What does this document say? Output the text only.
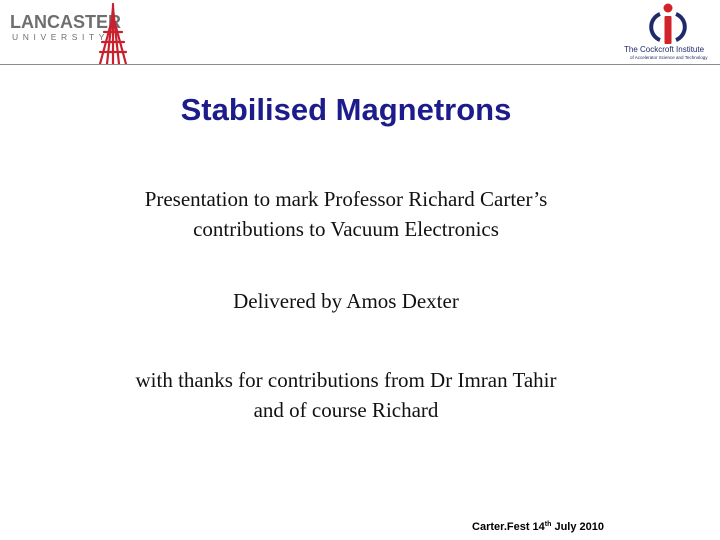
LANCASTER
UNIVERSITY
The Cockcroft Institute
of Accelerator Science and Technology
Stabilised Magnetrons
Presentation to mark Professor Richard Carter’s
contributions to Vacuum Electronics
Delivered by Amos Dexter
with thanks for contributions from Dr Imran Tahir
and of course Richard
Carter.Fest 14th July 2010
